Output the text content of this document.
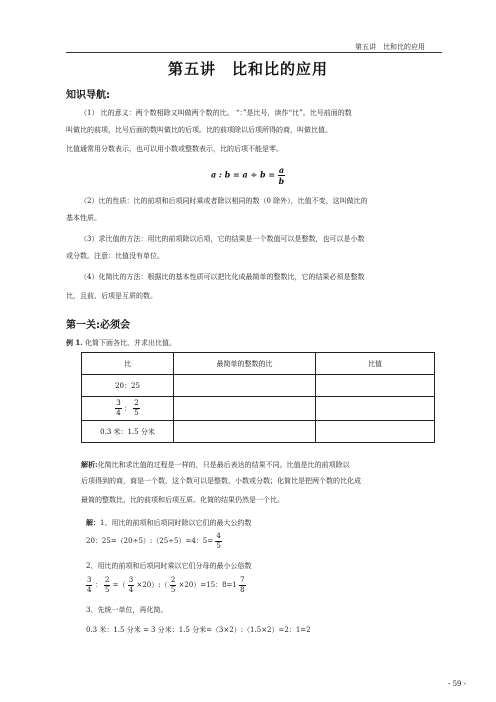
第五讲　比和比的应用
第五讲　比和比的应用
知识导航:
（1） 比的意义：两个数相除又叫做两个数的比。 “：”是比号，读作“比”。比号前面的数
叫做比的前项，比号后面的数叫做比的后项。比的前项除以后项所得的商，叫做比值。
比值通常用分数表示，也可以用小数或整数表示，比的后项不能是零。
a : $b = a \div b = \frac{a}{b}$
（2）比的性质：比的前项和后项同时乘或者除以相同的数（0 除外），比值不变，这叫做比的
基本性质。
（3）求比值的方法：用比的前项除以后项，它的结果是一个数值可以是整数，也可以是小数
或分数。注意：比值没有单位。
（4）化简比的方法：根据比的基本性质可以把比化成最简单的整数比，它的结果必须是整数
比，且前、后项是互质的数。
第一关:必须会
例 1. 化简下面各比，并求出比值。
比	最简单的整数的比	比值
20：25		

$\frac{3}{4}$ ： $\frac{2}{5}$

0.3 米：1.5 分米		
解析:化简比和求比值的过程是一样的，只是最后表达的结果不同。比值是比的前项除以
后项得到的商，商是一个数，这个数可以是整数、小数或分数；化简比是把两个数的比化成
最简的整数比，比的前项和后项互质。化简的结果仍然是一个比。
解：1、用比的前项和后项同时除以它们的最大公约数
20：25=（20÷5）:（25÷5）=4：$5= \frac{4}{5}$
2、用比的前项和后项同时乘以它们分母的最小公倍数
$\frac{3}{4}$ ： $\frac{2}{5}$ =（ $\frac{3}{4}$ ×20）:（ $\frac{2}{5} \times 20)=15$：$8=1 \frac{7}{8}$
3、先统一单位，再化简。
0.3 米：1.5 分米 = 3 分米：1.5 分米=（3×2）:（1.5×2）=2：1=2
- 59 -
